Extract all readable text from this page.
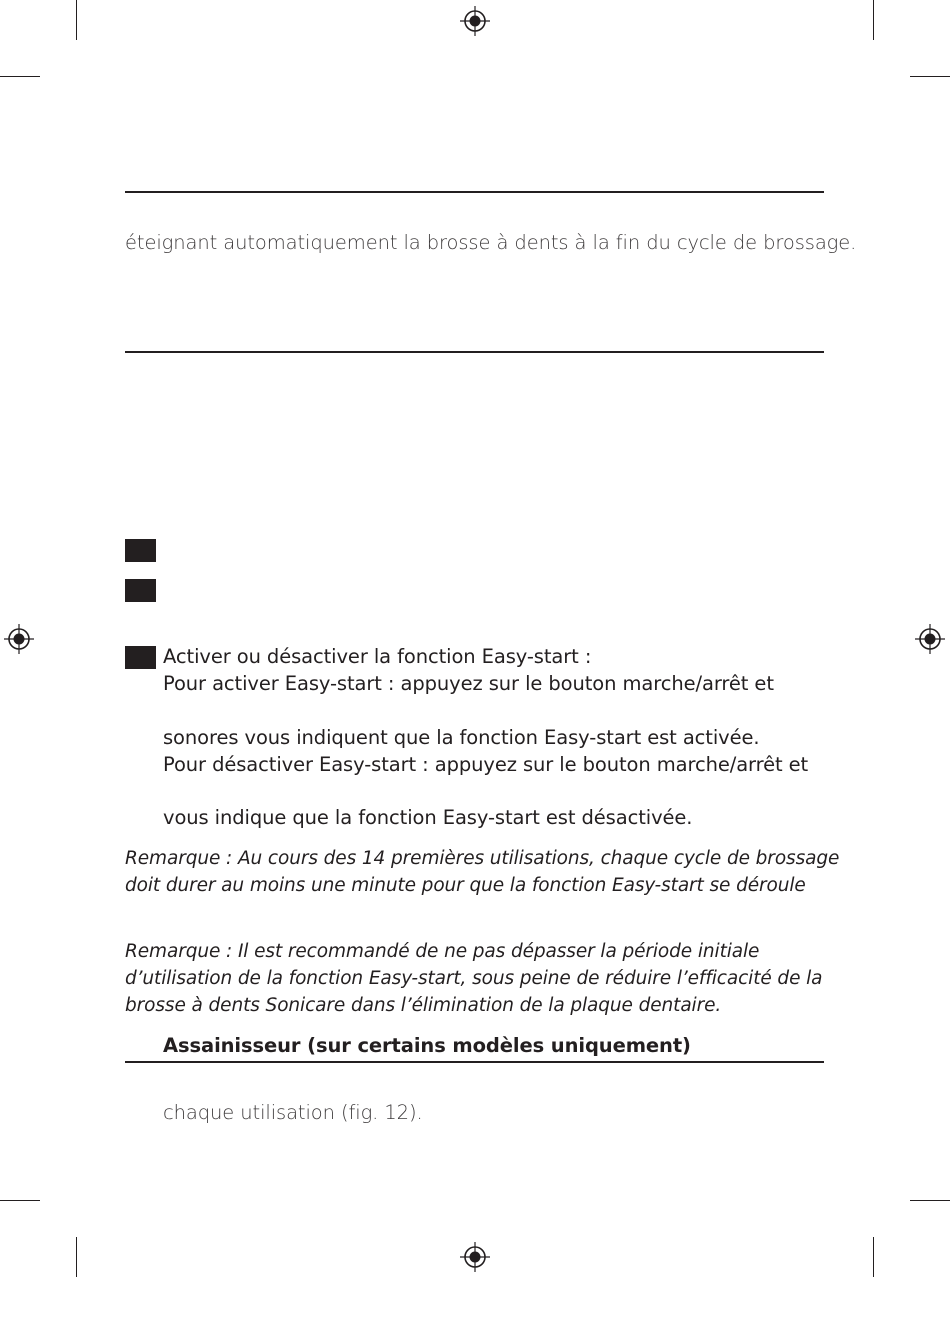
éteignant automatiquement la brosse à dents à la fin du cycle de brossage.
Activer ou désactiver la fonction Easy-start :
Pour activer Easy-start : appuyez sur le bouton marche/arrêt et
sonores vous indiquent que la fonction Easy-start est activée.
Pour désactiver Easy-start : appuyez sur le bouton marche/arrêt et
vous indique que la fonction Easy-start est désactivée.
Remarque : Au cours des 14 premières utilisations, chaque cycle de brossage
doit durer au moins une minute pour que la fonction Easy-start se déroule
Remarque : Il est recommandé de ne pas dépasser la période initiale
d’utilisation de la fonction Easy-start, sous peine de réduire l’efficacité de la
brosse à dents Sonicare dans l’élimination de la plaque dentaire.
Assainisseur (sur certains modèles uniquement)
chaque utilisation (fig. 12).
